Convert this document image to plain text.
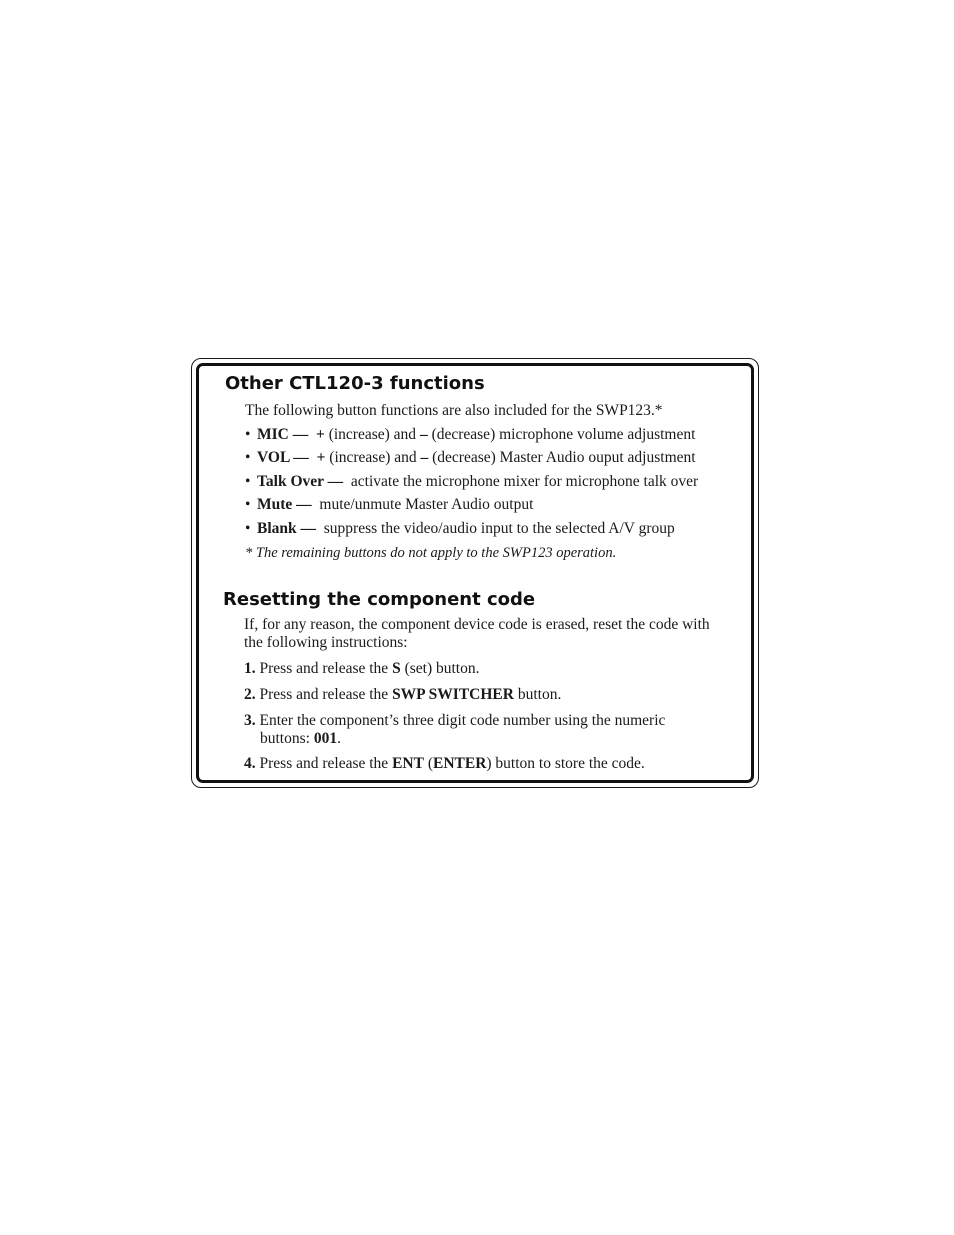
Other CTL120-3 functions

The following button functions are also included for the SWP123.*

• MIC — + (increase) and – (decrease) microphone volume adjustment

• VOL — + (increase) and – (decrease) Master Audio ouput adjustment

• Talk Over — activate the microphone mixer for microphone talk over

• Mute — mute/unmute Master Audio output

• Blank — suppress the video/audio input to the selected A/V group

* The remaining buttons do not apply to the SWP123 operation.

Resetting the component code

If, for any reason, the component device code is erased, reset the code with

the following instructions:

1. Press and release the S (set) button.

2. Press and release the SWP SWITCHER button.

3. Enter the component’s three digit code number using the numeric

buttons: 001.

4. Press and release the ENT (ENTER) button to store the code.
